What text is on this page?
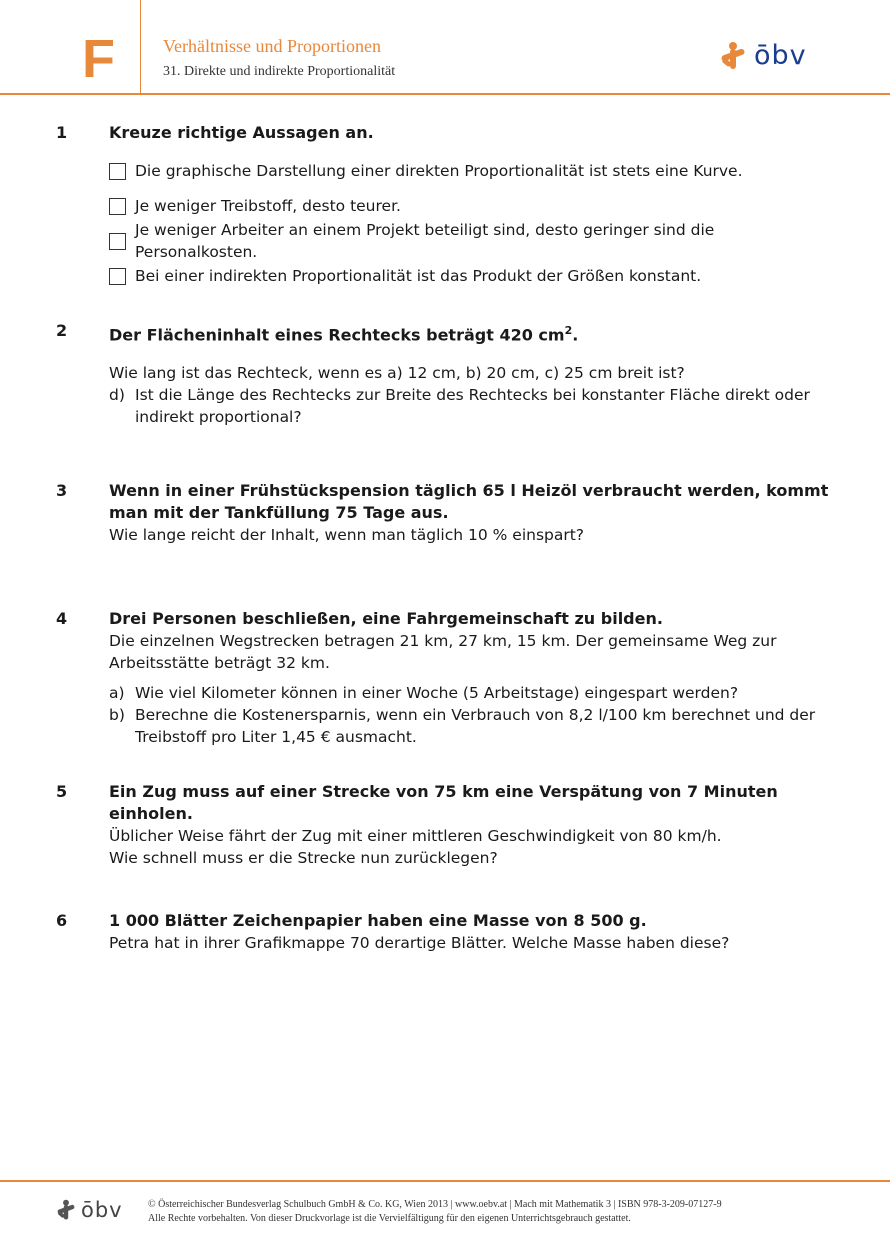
F	Verhältnisse und Proportionen
31. Direkte und indirekte Proportionalität
ōbv
1	Kreuze richtige Aussagen an.

Die graphische Darstellung einer direkten Proportionalität ist stets eine Kurve.
Je weniger Treibstoff, desto teurer.
Je weniger Arbeiter an einem Projekt beteiligt sind, desto geringer sind die Personalkosten.
Bei einer indirekten Proportionalität ist das Produkt der Größen konstant.
2	Der Flächeninhalt eines Rechtecks beträgt 420 $cm^2$.

Wie lang ist das Rechteck, wenn es a) 12 cm, b) 20 cm, c) 25 cm breit ist?

d) Ist die Länge des Rechtecks zur Breite des Rechtecks bei konstanter Fläche direkt oder indirekt proportional?
3	Wenn in einer Frühstückspension täglich 65 l Heizöl verbraucht werden, kommt man mit der Tankfüllung 75 Tage aus.

Wie lange reicht der Inhalt, wenn man täglich 10 % einspart?

4	Drei Personen beschließen, eine Fahrgemeinschaft zu bilden.

Die einzelnen Wegstrecken betragen 21 km, 27 km, 15 km. Der gemeinsame Weg zur Arbeitsstätte beträgt 32 km.

a) Wie viel Kilometer können in einer Woche (5 Arbeitstage) eingespart werden?
b) Berechne die Kostenersparnis, wenn ein Verbrauch von 8,2 l/100 km berechnet und der Treibstoff pro Liter 1,45 € ausmacht.
5	Ein Zug muss auf einer Strecke von 75 km eine Verspätung von 7 Minuten einholen.

Üblicher Weise fährt der Zug mit einer mittleren Geschwindigkeit von 80 km/h.

Wie schnell muss er die Strecke nun zurücklegen?

6	1 000 Blätter Zeichenpapier haben eine Masse von 8 500 g.

Petra hat in ihrer Grafikmappe 70 derartige Blätter. Welche Masse haben diese?

ōbv	© Österreichischer Bundesverlag Schulbuch GmbH & Co. KG, Wien 2013 | www.oebv.at | Mach mit Mathematik 3 | ISBN 978-3-209-07127-9
Alle Rechte vorbehalten. Von dieser Druckvorlage ist die Vervielfältigung für den eigenen Unterrichtsgebrauch gestattet.
